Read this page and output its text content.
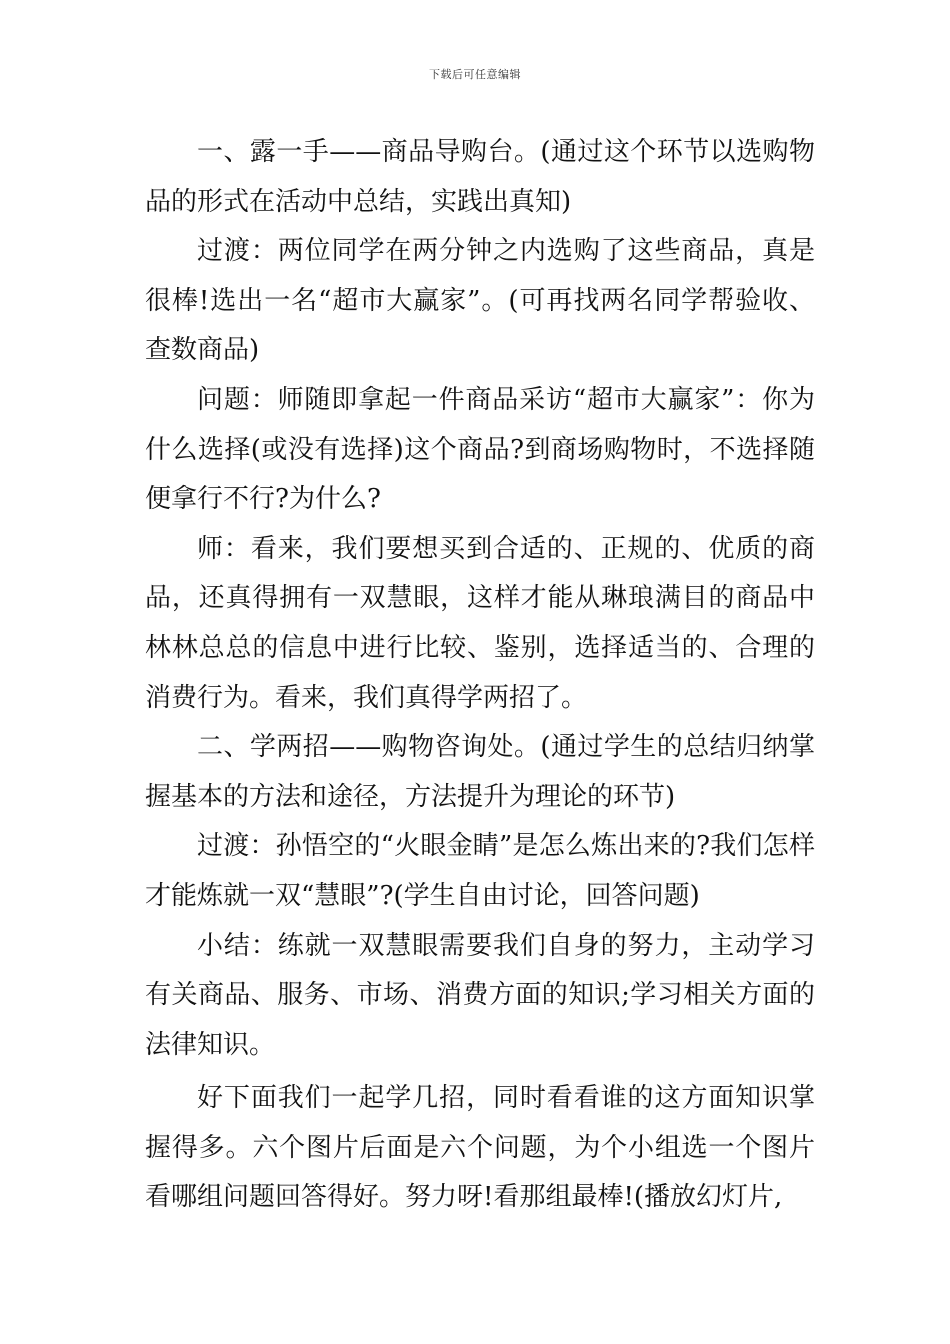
下载后可任意编辑

一、露一手——商品导购台。(通过这个环节以选购物品的形式在活动中总结，实践出真知)

过渡：两位同学在两分钟之内选购了这些商品，真是很棒!选出一名“超市大赢家”。(可再找两名同学帮验收、查数商品)

问题：师随即拿起一件商品采访“超市大赢家”：你为什么选择(或没有选择)这个商品?到商场购物时，不选择随便拿行不行?为什么?

师：看来，我们要想买到合适的、正规的、优质的商品，还真得拥有一双慧眼，这样才能从琳琅满目的商品中林林总总的信息中进行比较、鉴别，选择适当的、合理的消费行为。看来，我们真得学两招了。

二、学两招——购物咨询处。(通过学生的总结归纳掌握基本的方法和途径，方法提升为理论的环节)

过渡：孙悟空的“火眼金睛”是怎么炼出来的?我们怎样才能炼就一双“慧眼”?(学生自由讨论，回答问题)

小结：练就一双慧眼需要我们自身的努力，主动学习有关商品、服务、市场、消费方面的知识;学习相关方面的法律知识。

好下面我们一起学几招，同时看看谁的这方面知识掌握得多。六个图片后面是六个问题，为个小组选一个图片看哪组问题回答得好。努力呀!看那组最棒!(播放幻灯片,
